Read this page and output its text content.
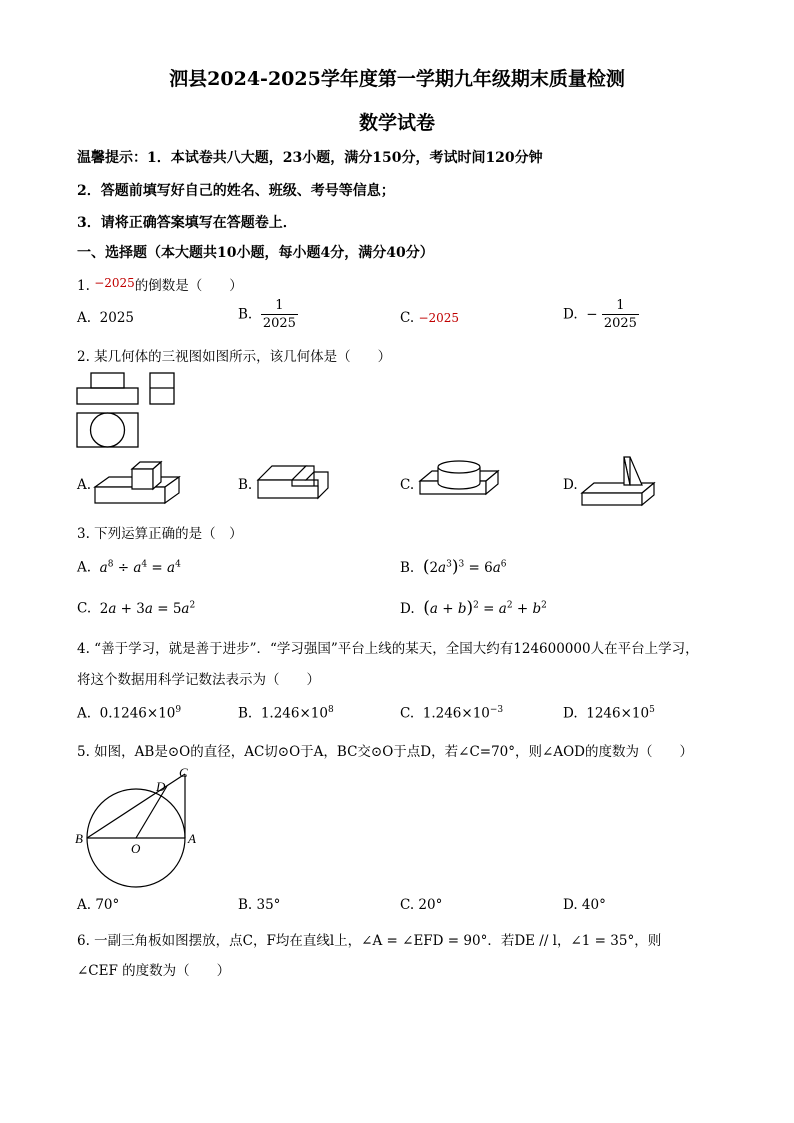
泗县2024-2025学年度第一学期九年级期末质量检测
数学试卷
温馨提示：1．本试卷共八大题，23小题，满分150分，考试时间120分钟
2．答题前填写好自己的姓名、班级、考号等信息；
3．请将正确答案填写在答题卷上．
一、选择题（本大题共10小题，每小题4分，满分40分）
1. −2025的倒数是（　　）
A. 2025	B. $\frac{1}{2025}$	C. −2025	D. − $\frac{1}{2025}$
2. 某几何体的三视图如图所示，该几何体是（　　）
A.	B.	C.	D.
3. 下列运算正确的是（　）
A. $a^8 \div a^4 = a^4$	B. $(2a^3)^3 = 6a^6$
C. $2a + 3a = 5a^2$	D. $(a + b)^2 = a^2 + b^2$
4. “善于学习，就是善于进步”．“学习强国”平台上线的某天，全国大约有124600000人在平台上学习，
将这个数据用科学记数法表示为（　　）
A. $0.1246\times 10^9$	B. $1.246\times 10^8$	C. $1.246\times 10^{-3}$	D. $1246\times 10^5$
5. 如图，AB是⊙O的直径，AC切⊙O于A，BC交⊙O于点D，若∠C=70°，则∠AOD的度数为（　　）
C
D
B
O
A
A. 70°	B. 35°	C. 20°	D. 40°
6. 一副三角板如图摆放，点C，F均在直线l上，∠A = ∠EFD = 90°．若DE // l，∠1 = 35°，则
∠CEF 的度数为（　　）
